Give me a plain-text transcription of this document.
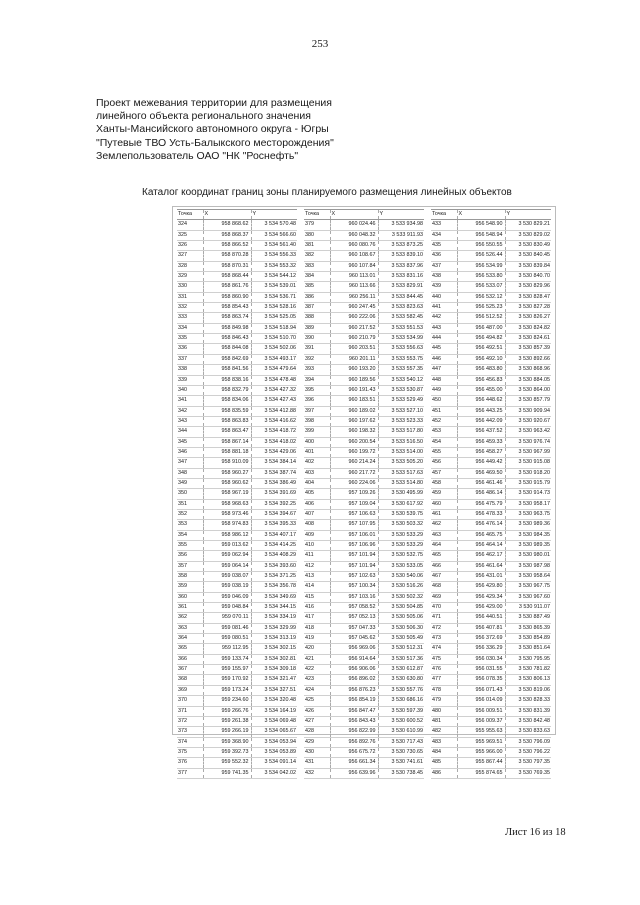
253
Проект межевания территории для размещения
линейного объекта регионального значения
Ханты-Мансийского автономного округа - Югры
"Путевые ТВО Усть-Балыкского месторождения"
Землепользователь ОАО "НК "Роснефть"
Каталог координат границ зоны планируемого размещения линейных объектов
Точка	X	Y
324	958 868.62	3 534 570.48
325	958 868.37	3 534 566.60
326	958 866.52	3 534 561.40
327	958 870.28	3 534 556.33
328	958 870.31	3 534 553.32
329	958 868.44	3 534 544.12
330	958 861.76	3 534 539.01
331	958 860.90	3 534 536.71
332	958 854.43	3 534 528.16
333	958 863.74	3 534 525.05
334	958 849.98	3 534 518.94
335	958 846.43	3 534 510.70
336	958 844.08	3 534 502.06
337	958 842.69	3 534 493.17
338	958 841.56	3 534 479.64
339	958 838.16	3 534 478.48
340	958 832.79	3 534 427.32
341	958 834.06	3 534 427.43
342	958 835.59	3 534 412.88
343	958 863.83	3 534 416.62
344	958 863.47	3 534 418.72
345	958 867.14	3 534 418.02
346	958 881.18	3 534 429.06
347	958 910.09	3 534 384.14
348	958 960.27	3 534 387.74
349	958 960.62	3 534 386.49
350	958 967.19	3 534 391.69
351	958 968.63	3 534 392.25
352	958 973.46	3 534 394.67
353	958 974.83	3 534 395.33
354	958 986.12	3 534 407.17
355	959 013.62	3 534 414.25
356	959 062.94	3 534 408.29
357	959 064.14	3 534 393.60
358	959 038.07	3 534 371.25
359	959 038.19	3 534 356.78
360	959 046.09	3 534 349.69
361	959 048.84	3 534 344.15
362	959 070.11	3 534 334.19
363	959 081.46	3 534 329.99
364	959 080.51	3 534 313.19
365	959 112.95	3 534 302.15
366	959 133.74	3 534 302.81
367	959 155.97	3 534 309.18
368	959 170.92	3 534 321.47
369	959 173.24	3 534 327.51
370	959 234.60	3 534 320.48
371	959 266.76	3 534 164.19
372	959 261.38	3 534 069.48
373	959 266.19	3 534 065.67
374	959 368.90	3 534 053.94
375	959 392.73	3 534 053.89
376	959 552.32	3 534 091.14
377	959 741.35	3 534 042.02
Точка	X	Y
379	960 024.46	3 533 934.98
380	960 048.32	3 533 911.93
381	960 080.76	3 533 873.25
382	960 108.67	3 533 839.10
383	960 107.84	3 533 837.96
384	960 113.01	3 533 831.16
385	960 113.66	3 533 829.91
386	960 256.11	3 533 844.45
387	960 247.45	3 533 823.63
388	960 222.06	3 533 582.45
389	960 217.52	3 533 551.53
390	960 210.79	3 533 534.99
391	960 203.51	3 533 556.63
392	960 201.11	3 533 553.75
393	960 193.20	3 533 557.35
394	960 189.56	3 533 540.12
395	960 191.43	3 533 530.87
396	960 183.51	3 533 529.49
397	960 189.02	3 533 527.10
398	960 197.62	3 533 523.33
399	960 198.32	3 533 517.80
400	960 200.54	3 533 516.50
401	960 199.72	3 533 514.00
402	960 214.24	3 533 505.20
403	960 217.72	3 533 517.63
404	960 224.06	3 533 514.80
405	957 109.26	3 530 495.99
406	957 109.04	3 530 617.92
407	957 106.63	3 530 539.75
408	957 107.95	3 530 503.32
409	957 106.01	3 530 533.29
410	957 106.96	3 530 533.29
411	957 101.94	3 530 532.75
412	957 101.94	3 530 533.05
413	957 102.63	3 530 540.06
414	957 100.34	3 530 516.26
415	957 103.16	3 530 502.32
416	957 058.52	3 530 504.85
417	957 052.13	3 530 505.06
418	957 047.33	3 530 506.30
419	957 045.62	3 530 505.49
420	956 969.06	3 530 512.31
421	956 914.64	3 530 517.36
422	956 906.06	3 530 612.87
423	956 896.02	3 530 630.80
424	956 876.23	3 530 557.76
425	956 854.19	3 530 686.16
426	956 847.47	3 530 597.39
427	956 843.43	3 530 600.52
428	956 822.99	3 530 610.99
429	956 892.76	3 530 717.43
430	956 675.72	3 530 730.65
431	956 661.34	3 530 741.61
432	956 639.96	3 530 738.45
Точка	X	Y
433	956 548.90	3 530 829.21
434	956 548.94	3 530 829.02
435	956 550.55	3 530 830.49
436	956 526.44	3 530 840.45
437	956 534.99	3 530 839.84
438	956 533.80	3 530 840.70
439	956 533.07	3 530 829.96
440	956 532.12	3 530 828.47
441	956 525.23	3 530 827.28
442	956 512.52	3 530 826.27
443	956 487.00	3 530 824.82
444	956 494.82	3 530 824.61
445	956 492.51	3 530 857.39
446	956 492.10	3 530 892.66
447	956 483.80	3 530 868.96
448	956 456.83	3 530 884.05
449	956 455.00	3 530 864.00
450	956 448.62	3 530 857.79
451	956 443.25	3 530 909.94
452	956 442.09	3 530 920.67
453	956 437.52	3 530 963.42
454	956 459.33	3 530 976.74
455	956 458.27	3 530 967.99
456	956 449.42	3 530 915.08
457	956 469.50	3 530 918.20
458	956 461.46	3 530 915.79
459	956 486.14	3 530 914.73
460	956 475.79	3 530 958.17
461	956 478.33	3 530 963.75
462	956 476.14	3 530 989.36
463	956 465.75	3 530 984.35
464	956 464.14	3 530 989.35
465	956 462.17	3 530 980.01
466	956 461.64	3 530 987.98
467	956 431.01	3 530 958.64
468	956 429.80	3 530 967.75
469	956 429.34	3 530 967.60
470	956 429.00	3 530 911.07
471	956 440.51	3 530 887.49
472	956 407.81	3 530 865.39
473	956 372.69	3 530 854.89
474	956 336.29	3 530 851.64
475	956 030.34	3 530 795.95
476	956 031.55	3 530 781.82
477	956 078.35	3 530 806.13
478	956 071.43	3 530 819.06
479	956 014.09	3 530 828.33
480	956 009.51	3 530 831.39
481	956 009.37	3 530 842.48
482	955 955.63	3 530 833.63
483	955 969.51	3 530 796.09
484	955 966.00	3 530 796.22
485	955 867.44	3 530 797.35
486	955 874.65	3 530 769.35
Лист 16 из 18
